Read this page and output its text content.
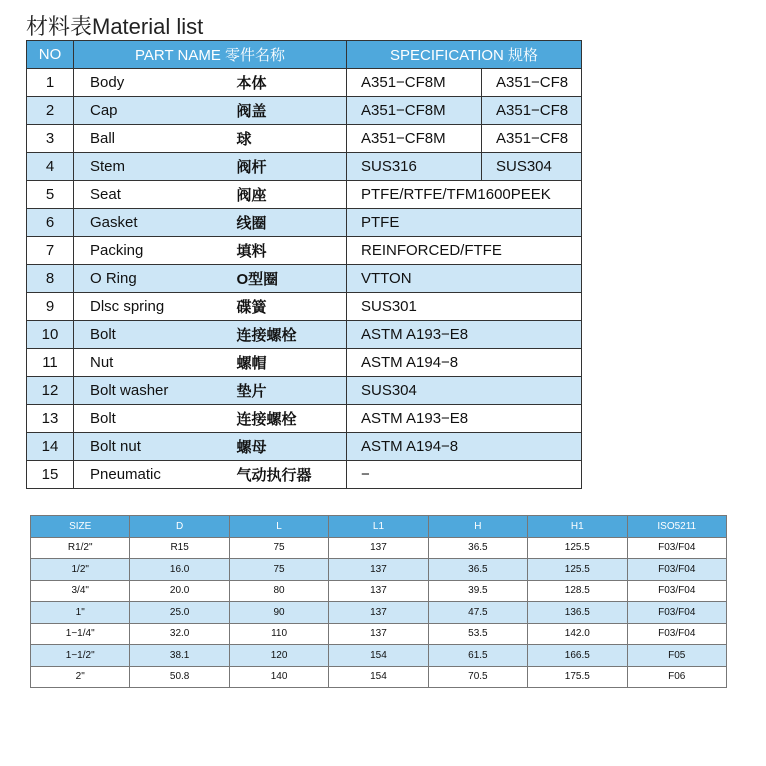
材料表Material list
NO	PART NAME 零件名称		SPECIFICATION 规格	
1	Body	本体	A351−CF8M	A351−CF8
2	Cap	阀盖	A351−CF8M	A351−CF8
3	Ball	球	A351−CF8M	A351−CF8
4	Stem	阀杆	SUS316	SUS304
5	Seat	阀座	PTFE/RTFE/TFM1600PEEK	
6	Gasket	线圈	PTFE	
7	Packing	填料	REINFORCED/FTFE	
8	O Ring	O型圈	VTTON	
9	Dlsc spring	碟簧	SUS301	
10	Bolt	连接螺栓	ASTM A193−E8	
11	Nut	螺帽	ASTM A194−8	
12	Bolt washer	垫片	SUS304	
13	Bolt	连接螺栓	ASTM A193−E8	
14	Bolt nut	螺母	ASTM A194−8	
15	Pneumatic	气动执行器	−	
SIZE	D	L	L1	H	H1	ISO5211
R1/2"	R15	75	137	36.5	125.5	F03/F04
1/2"	16.0	75	137	36.5	125.5	F03/F04
3/4"	20.0	80	137	39.5	128.5	F03/F04
1"	25.0	90	137	47.5	136.5	F03/F04
1−1/4"	32.0	110	137	53.5	142.0	F03/F04
1−1/2"	38.1	120	154	61.5	166.5	F05
2"	50.8	140	154	70.5	175.5	F06
